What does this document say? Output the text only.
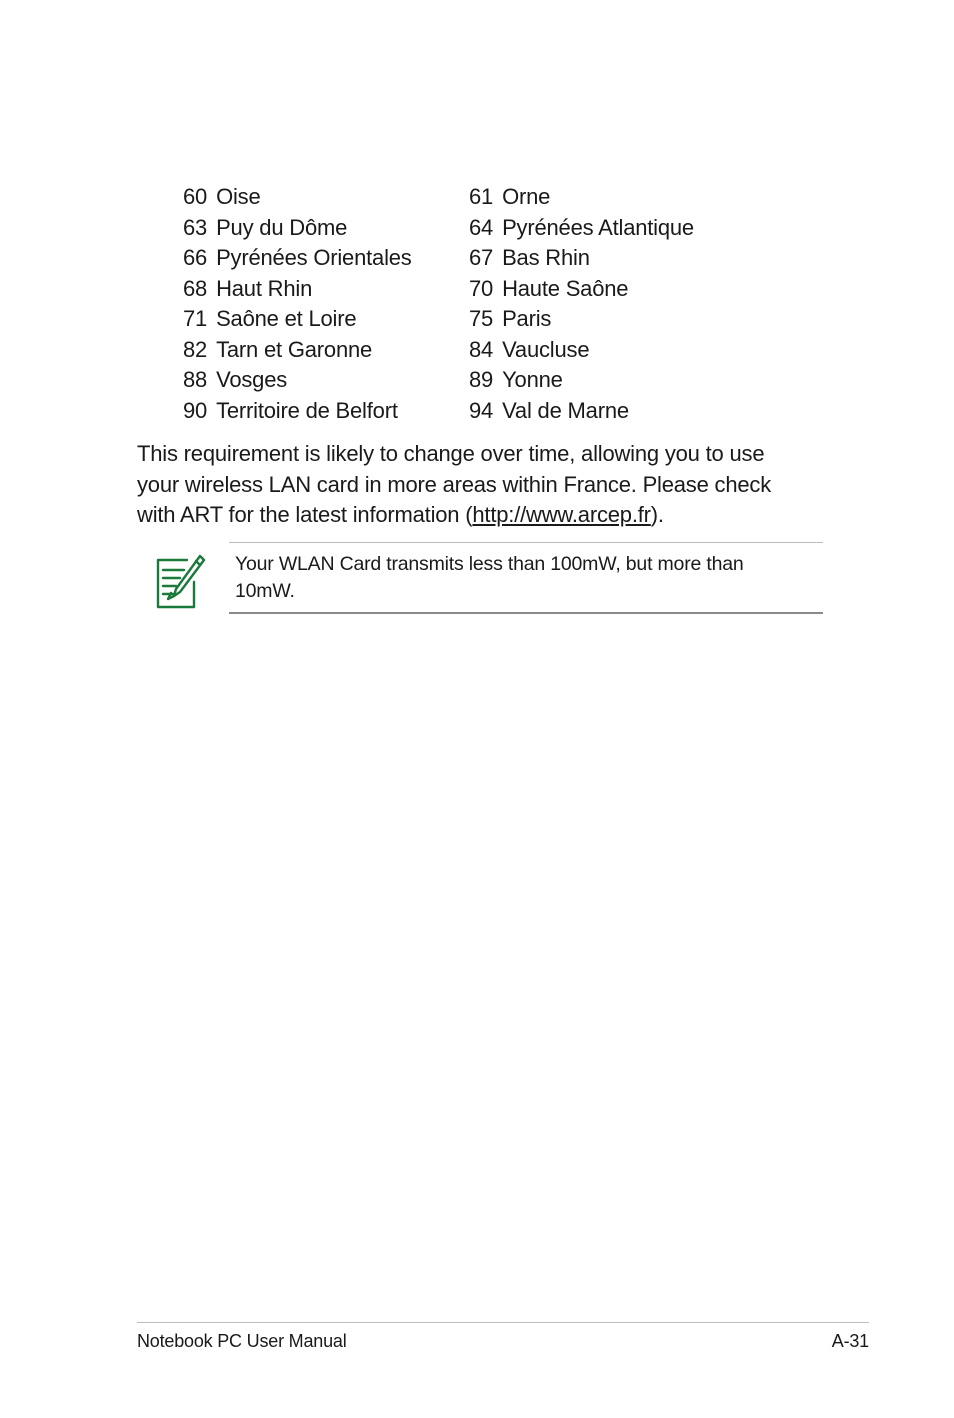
60 Oise	61 Orne
63 Puy du Dôme	64 Pyrénées Atlantique
66 Pyrénées Orientales	67 Bas Rhin
68 Haut Rhin	70 Haute Saône
71 Saône et Loire	75 Paris
82 Tarn et Garonne	84 Vaucluse
88 Vosges	89 Yonne
90 Territoire de Belfort	94 Val de Marne
This requirement is likely to change over time, allowing you to use
your wireless LAN card in more areas within France. Please check
with ART for the latest information (http://www.arcep.fr).
Your WLAN Card transmits less than 100mW, but more than
10mW.
Notebook PC User Manual	A-31
